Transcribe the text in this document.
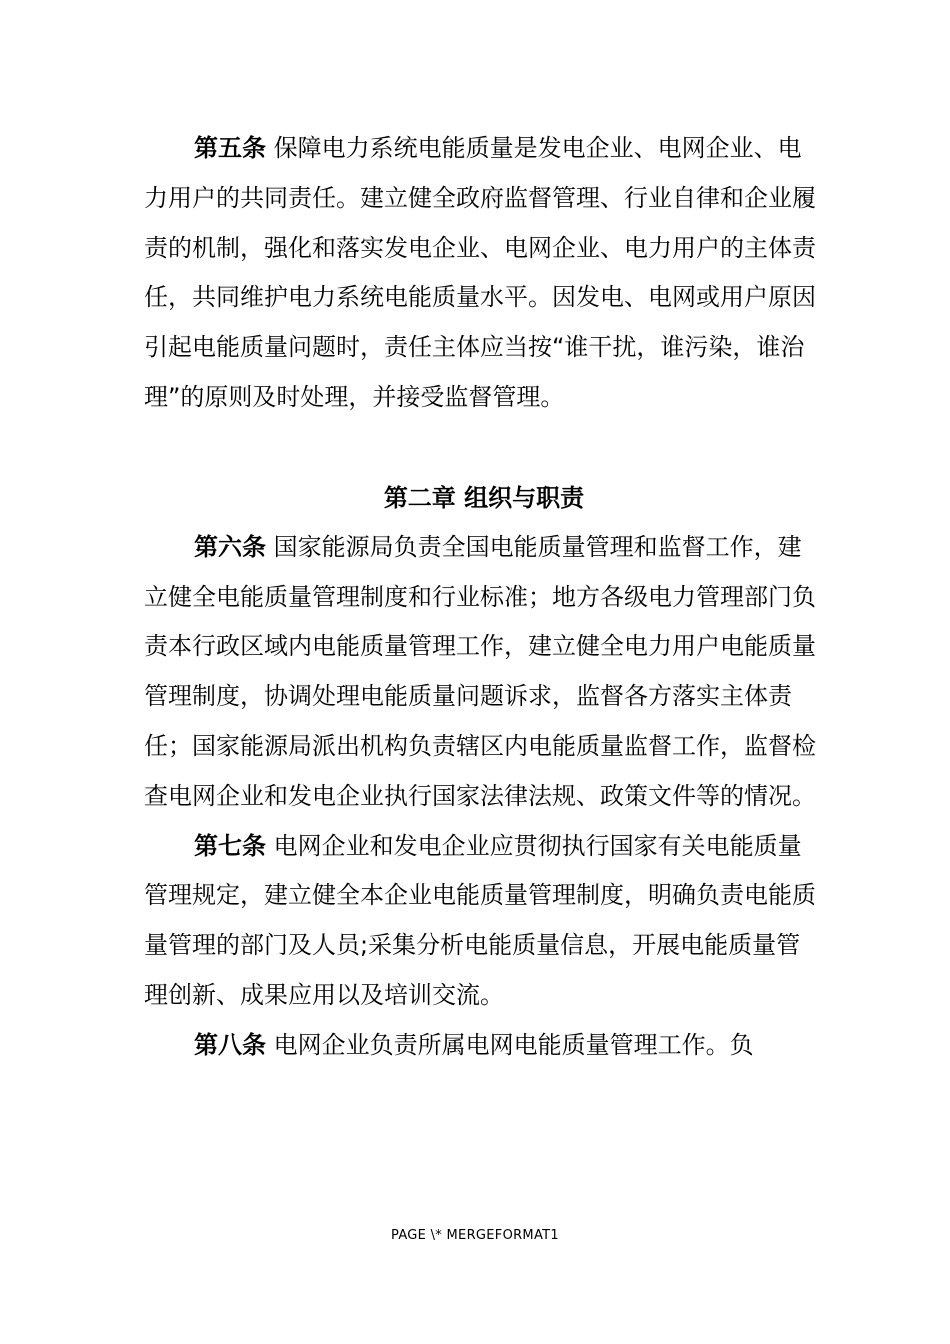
第五条 保障电力系统电能质量是发电企业、电网企业、电力用户的共同责任。建立健全政府监督管理、行业自律和企业履责的机制，强化和落实发电企业、电网企业、电力用户的主体责任，共同维护电力系统电能质量水平。因发电、电网或用户原因引起电能质量问题时，责任主体应当按“谁干扰，谁污染，谁治理”的原则及时处理，并接受监督管理。

第二章 组织与职责

第六条 国家能源局负责全国电能质量管理和监督工作，建立健全电能质量管理制度和行业标准；地方各级电力管理部门负责本行政区域内电能质量管理工作，建立健全电力用户电能质量管理制度，协调处理电能质量问题诉求，监督各方落实主体责任；国家能源局派出机构负责辖区内电能质量监督工作，监督检查电网企业和发电企业执行国家法律法规、政策文件等的情况。

第七条 电网企业和发电企业应贯彻执行国家有关电能质量管理规定，建立健全本企业电能质量管理制度，明确负责电能质量管理的部门及人员;采集分析电能质量信息，开展电能质量管理创新、成果应用以及培训交流。

第八条 电网企业负责所属电网电能质量管理工作。负

PAGE \* MERGEFORMAT1
